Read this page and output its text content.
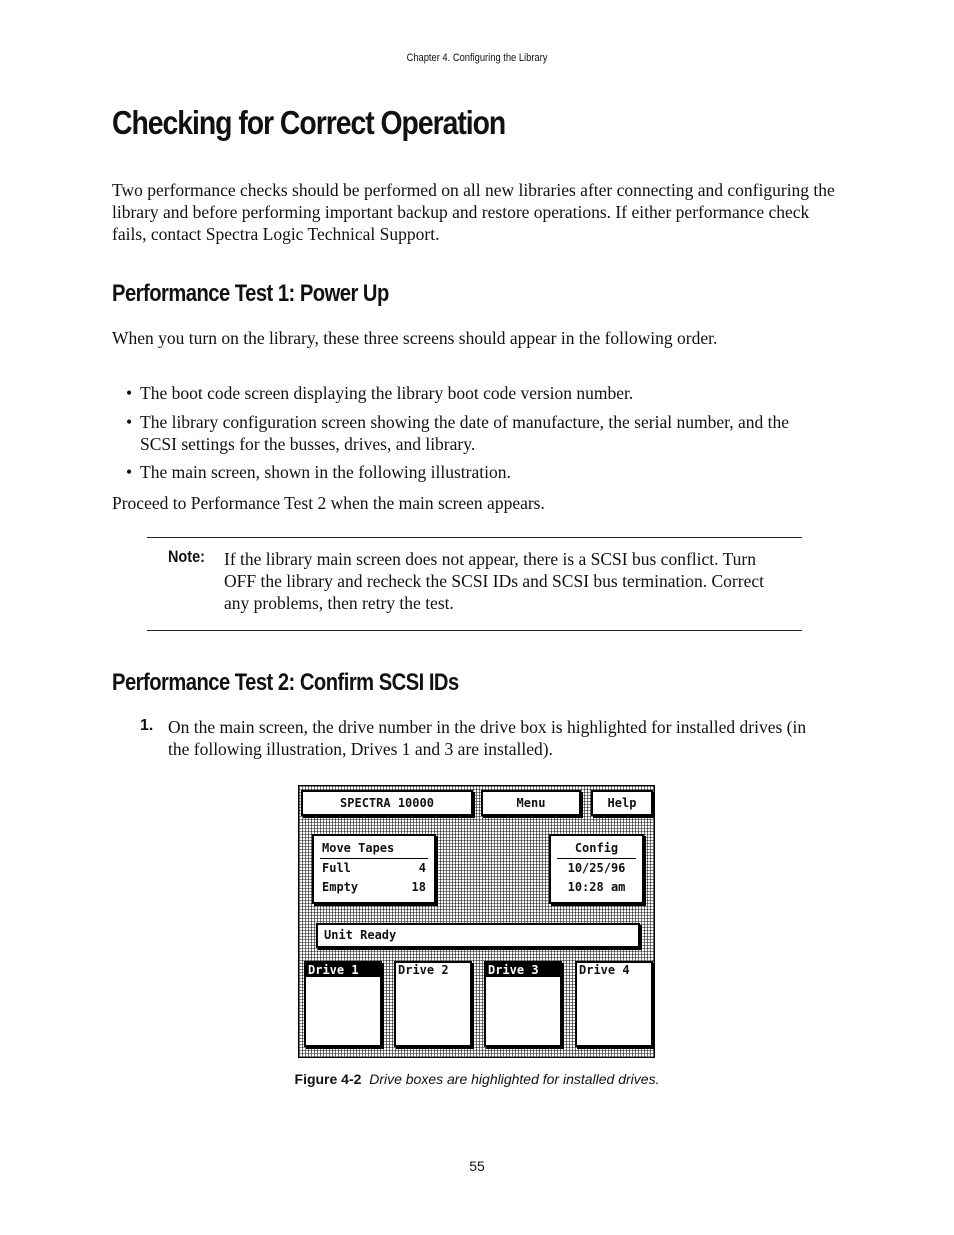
Chapter 4. Configuring the Library
Checking for Correct Operation
Two performance checks should be performed on all new libraries after connecting and configuring the library and before performing important backup and restore operations. If either performance check fails, contact Spectra Logic Technical Support.
Performance Test 1: Power Up
When you turn on the library, these three screens should appear in the following order.
• The boot code screen displaying the library boot code version number.
• The library configuration screen showing the date of manufacture, the serial number, and the SCSI settings for the busses, drives, and library.
• The main screen, shown in the following illustration.
Proceed to Performance Test 2 when the main screen appears.
Note: If the library main screen does not appear, there is a SCSI bus conflict. Turn OFF the library and recheck the SCSI IDs and SCSI bus termination. Correct any problems, then retry the test.
Performance Test 2: Confirm SCSI IDs
1. On the main screen, the drive number in the drive box is highlighted for installed drives (in the following illustration, Drives 1 and 3 are installed).
SPECTRA 10000	Menu	Help
Move Tapes
Full	4
Empty	18
Config
10/25/96
10:28 am
Unit Ready
Drive 1	Drive 2	Drive 3	Drive 4
Figure 4-2 Drive boxes are highlighted for installed drives.
55
